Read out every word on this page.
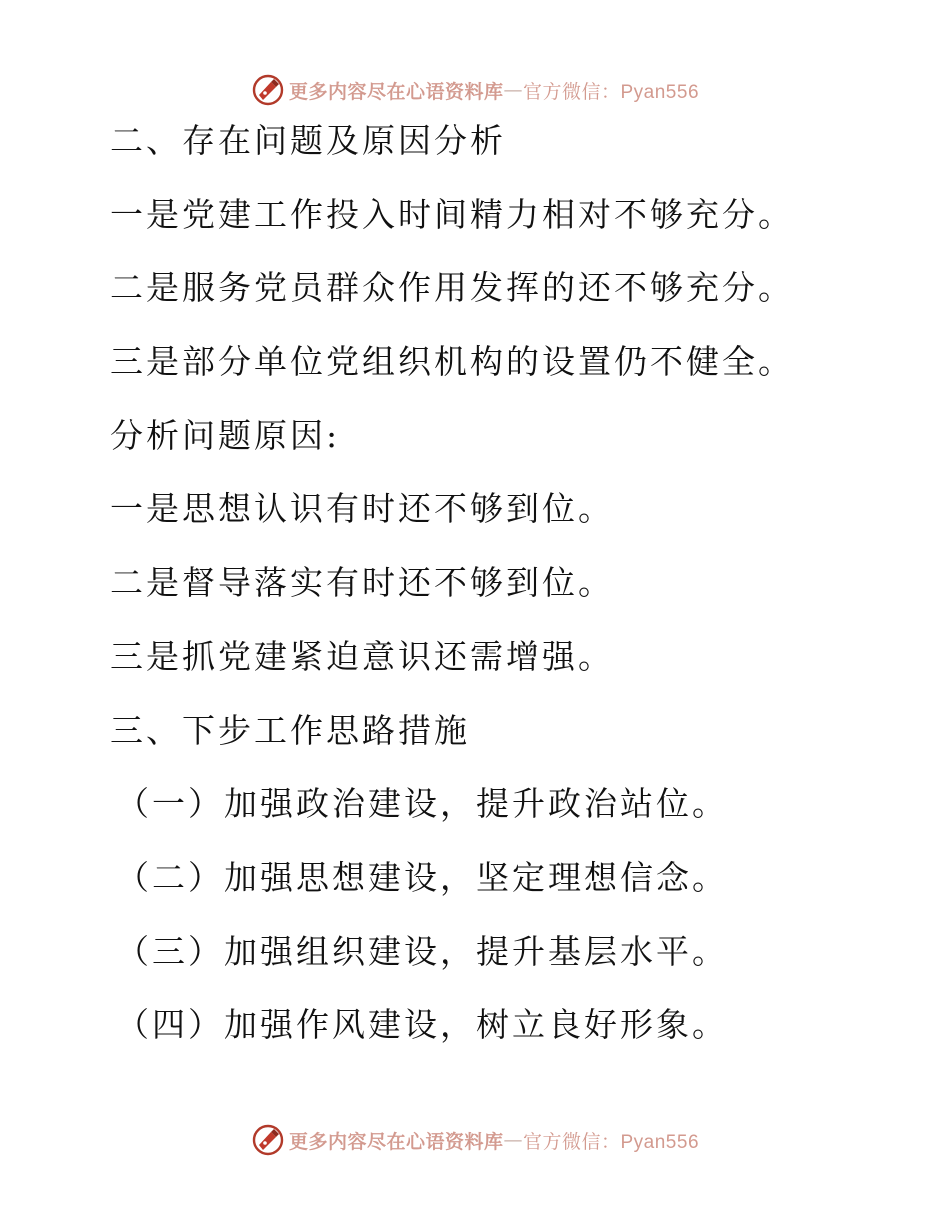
更多内容尽在心语资料库 — 官方微信：Pyan556
二、存在问题及原因分析
一是党建工作投入时间精力相对不够充分。
二是服务党员群众作用发挥的还不够充分。
三是部分单位党组织机构的设置仍不健全。
分析问题原因:
一是思想认识有时还不够到位。
二是督导落实有时还不够到位。
三是抓党建紧迫意识还需增强。
三、下步工作思路措施
（一）加强政治建设，提升政治站位。
（二）加强思想建设，坚定理想信念。
（三）加强组织建设，提升基层水平。
（四）加强作风建设，树立良好形象。
更多内容尽在心语资料库 — 官方微信：Pyan556
